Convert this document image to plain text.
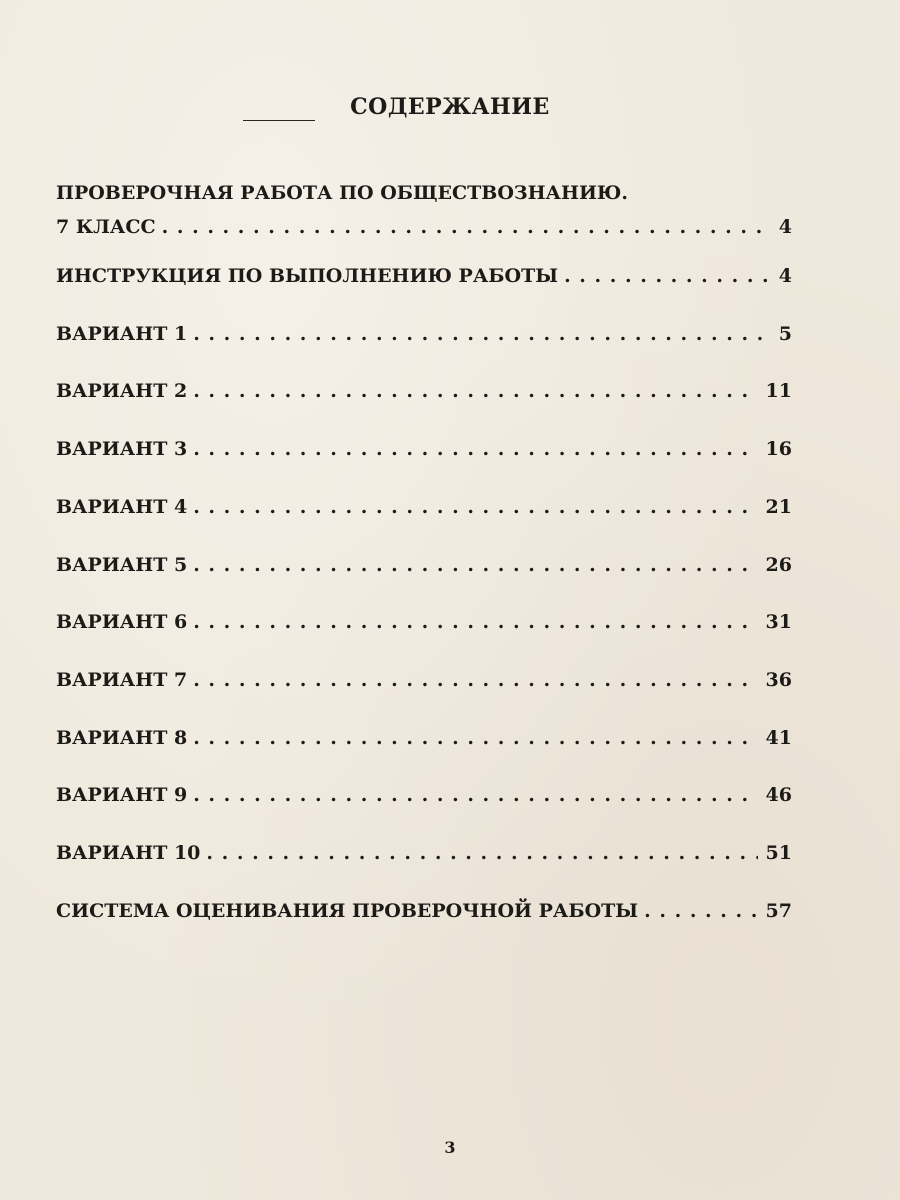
СОДЕРЖАНИЕ
ПРОВЕРОЧНАЯ РАБОТА ПО ОБЩЕСТВОЗНАНИЮ.
7 КЛАСС . . .	4
ИНСТРУКЦИЯ ПО ВЫПОЛНЕНИЮ РАБОТЫ . . .	4
ВАРИАНТ 1 . . .	5
ВАРИАНТ 2 . . .	11
ВАРИАНТ 3 . . .	16
ВАРИАНТ 4 . . .	21
ВАРИАНТ 5 . . .	26
ВАРИАНТ 6 . . .	31
ВАРИАНТ 7 . . .	36
ВАРИАНТ 8 . . .	41
ВАРИАНТ 9 . . .	46
ВАРИАНТ 10 . . .	51
СИСТЕМА ОЦЕНИВАНИЯ ПРОВЕРОЧНОЙ РАБОТЫ . . .	57
3
